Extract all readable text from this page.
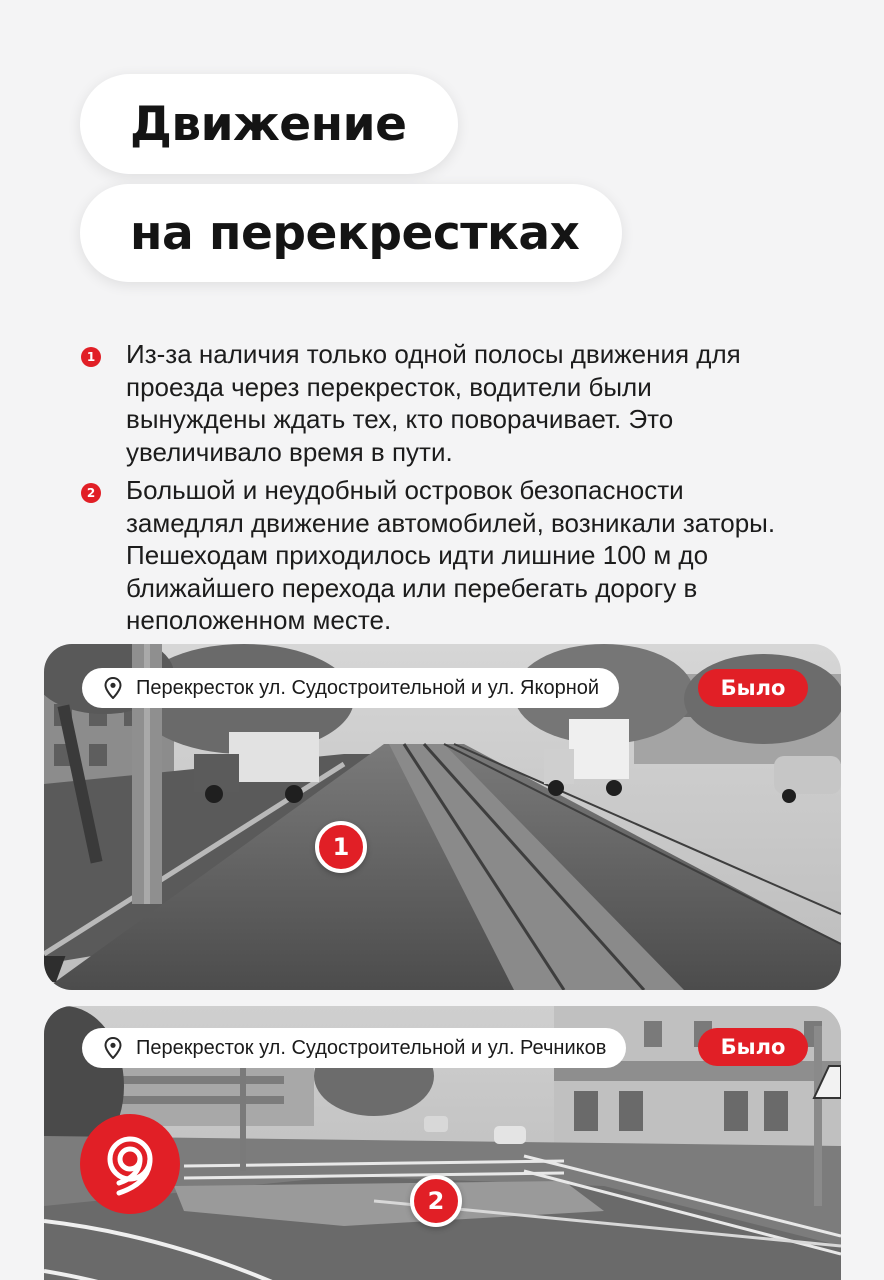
Движение
на перекрестках
1 Из-за наличия только одной полосы движения для проезда через перекресток, водители были вынуждены ждать тех, кто поворачивает. Это увеличивало время в пути.

2 Большой и неудобный островок безопасности замедлял движение автомобилей, возникали заторы. Пешеходам приходилось идти лишние 100 м до ближайшего перехода или перебегать дорогу в неположенном месте.

Перекресток ул. Судостроительной и ул. Якорной	Было
1
Перекресток ул. Судостроительной и ул. Речников	Было
2
